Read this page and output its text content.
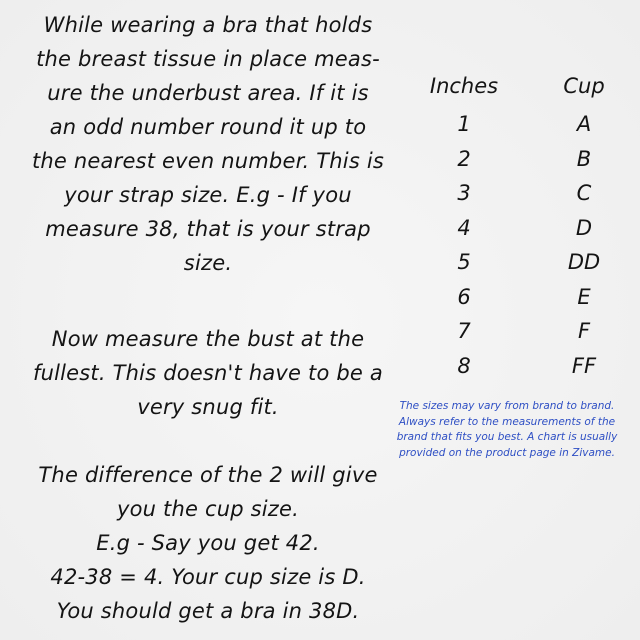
While wearing a bra that holds
the breast tissue in place meas-
ure the underbust area. If it is
an odd number round it up to
the nearest even number. This is
your strap size. E.g - If you
measure 38, that is your strap
size.
Now measure the bust at the
fullest. This doesn't have to be a
very snug fit.
The difference of the 2 will give
you the cup size.
E.g - Say you get 42.
42-38 = 4. Your cup size is D.
You should get a bra in 38D.
Inches	Cup
1	A
2	B
3	C
4	D
5	DD
6	E
7	F
8	FF
The sizes may vary from brand to brand.
Always refer to the measurements of the
brand that fits you best. A chart is usually
provided on the product page in Zivame.
